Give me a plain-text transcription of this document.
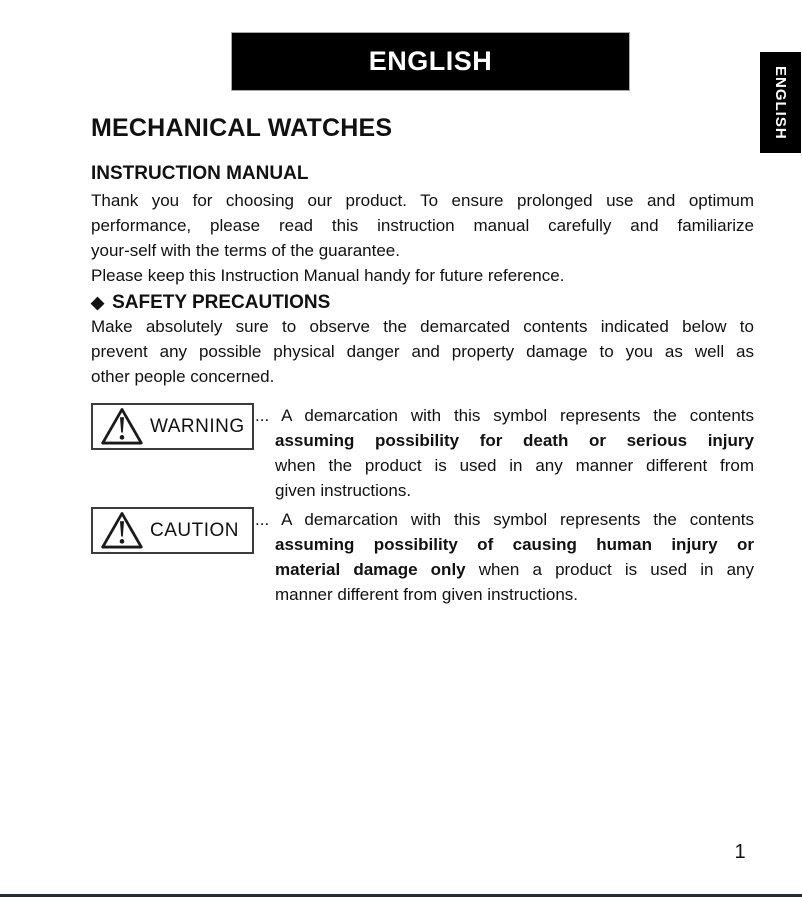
ENGLISH
ENGLISH
MECHANICAL WATCHES
INSTRUCTION MANUAL
Thank you for choosing our product. To ensure prolonged use and optimum
performance, please read this instruction manual carefully and familiarize
your-self with the terms of the guarantee.
Please keep this Instruction Manual handy for future reference.
◆ SAFETY PRECAUTIONS
Make absolutely sure to observe the demarcated contents indicated below to
prevent any possible physical danger and property damage to you as well as
other people concerned.
WARNING ... A demarcation with this symbol represents the contents
assuming possibility for death or serious injury
when the product is used in any manner different from
given instructions.
CAUTION ... A demarcation with this symbol represents the contents
assuming possibility of causing human injury or
material damage only when a product is used in any
manner different from given instructions.
1
